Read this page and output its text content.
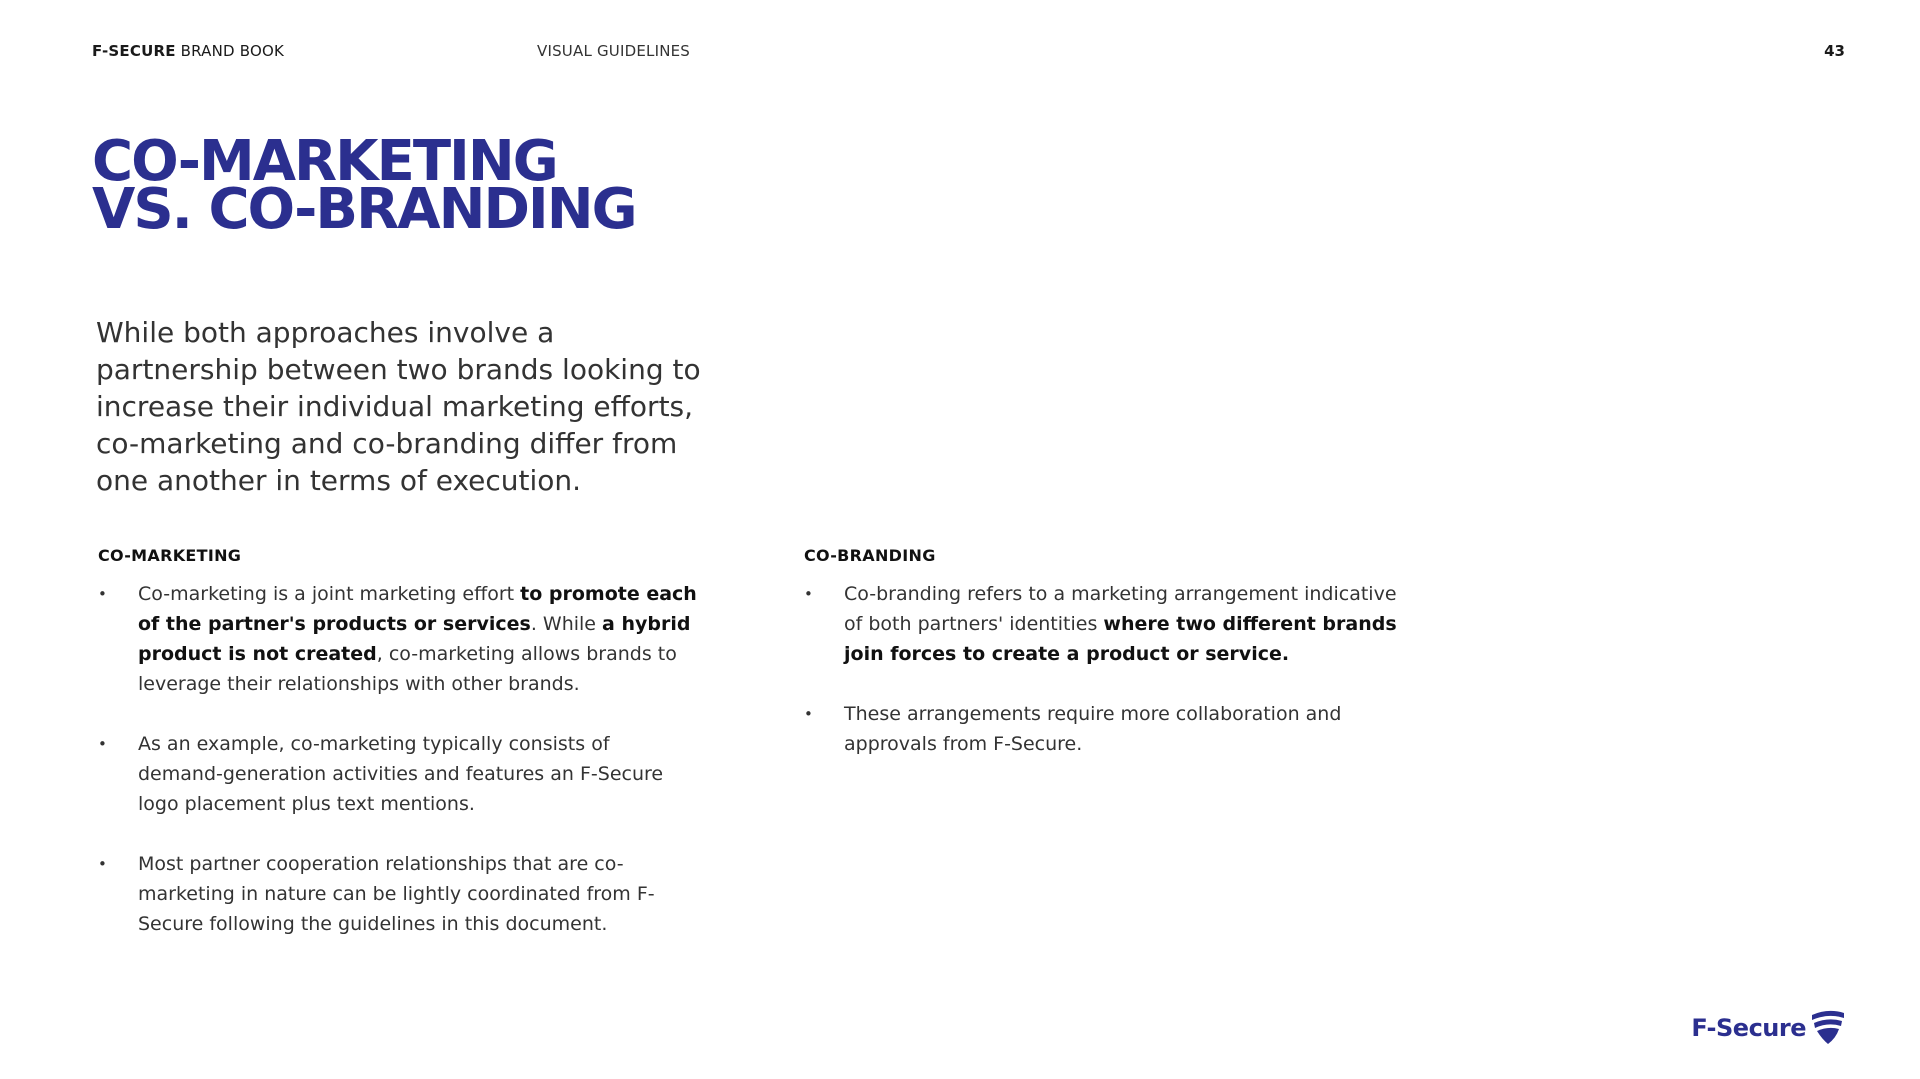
F-SECURE BRAND BOOK	VISUAL GUIDELINES	43
CO-MARKETING
VS. CO-BRANDING

While both approaches involve a partnership between two brands looking to increase their individual marketing efforts, co-marketing and co-branding differ from one another in terms of execution.

CO-MARKETING
• Co-marketing is a joint marketing effort to promote each of the partner's products or services. While a hybrid product is not created, co-marketing allows brands to leverage their relationships with other brands.
• As an example, co-marketing typically consists of demand-generation activities and features an F-Secure logo placement plus text mentions.
• Most partner cooperation relationships that are co-marketing in nature can be lightly coordinated from F-Secure following the guidelines in this document.
CO-BRANDING
• Co-branding refers to a marketing arrangement indicative of both partners' identities where two different brands join forces to create a product or service.
• These arrangements require more collaboration and approvals from F-Secure.
F-Secure
